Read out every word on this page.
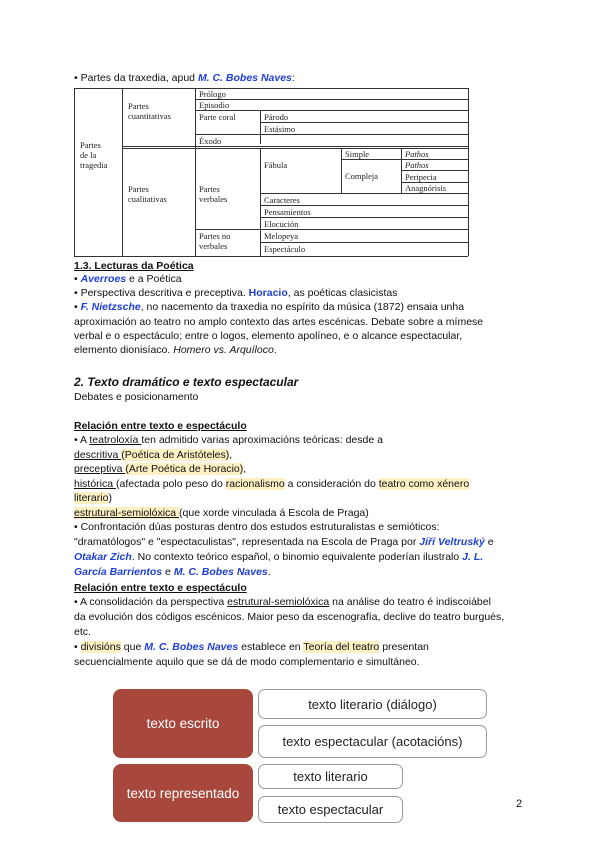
• Partes da traxedia, apud M. C. Bobes Naves:
Partes
de la
tragedia
Partes
cuantitativas
Partes
cualitativas
Prólogo
Episodio
Parte coral	Párodo
Estásimo
Éxodo
Partes
verbales
Fábula
Simple
Compleja
Pathos
Pathos
Peripecia
Anagnórisis
Caracteres
Pensamientos
Elocución
Partes no
verbales
Melopeya
Espectáculo
1.3. Lecturas da Poética
• Averroes e a Poética
• Perspectiva descritiva e preceptiva. Horacio, as poéticas clasicistas
• F. Nietzsche, no nacemento da traxedia no espírito da música (1872) ensaia unha
aproximación ao teatro no amplo contexto das artes escénicas. Debate sobre a mímese
verbal e o espectáculo; entre o logos, elemento apolíneo, e o alcance espectacular,
elemento dionisíaco. Homero vs. Arquíloco.
2. Texto dramático e texto espectacular
Debates e posicionamento
Relación entre texto e espectáculo
• A teatroloxía ten admitido varias aproximacións teóricas: desde a
descritiva (Poética de Aristóteles),
preceptiva (Arte Poética de Horacio),
histórica (afectada polo peso do racionalismo a consideración do teatro como xénero
literario)
estrutural-semiolóxica (que xorde vinculada á Escola de Praga)
• Confrontación dúas posturas dentro dos estudos estruturalistas e semióticos:
"dramatólogos" e "espectaculistas", representada na Escola de Praga por Jiří Veltruský e
Otakar Zich. No contexto teórico español, o binomio equivalente poderían ilustralo J. L.
García Barrientos e M. C. Bobes Naves.
Relación entre texto e espectáculo
• A consolidación da perspectiva estrutural-semiolóxica na análise do teatro é indiscoiábel
da evolución dos códigos escénicos. Maior peso da escenografía, declive do teatro burgués,
etc.
• divisións que M. C. Bobes Naves establece en Teoría del teatro presentan
secuencialmente aquilo que se dá de modo complementario e simultáneo.
texto escrito
texto literario (diálogo)
texto espectacular (acotacións)
texto representado
texto literario
texto espectacular	2
